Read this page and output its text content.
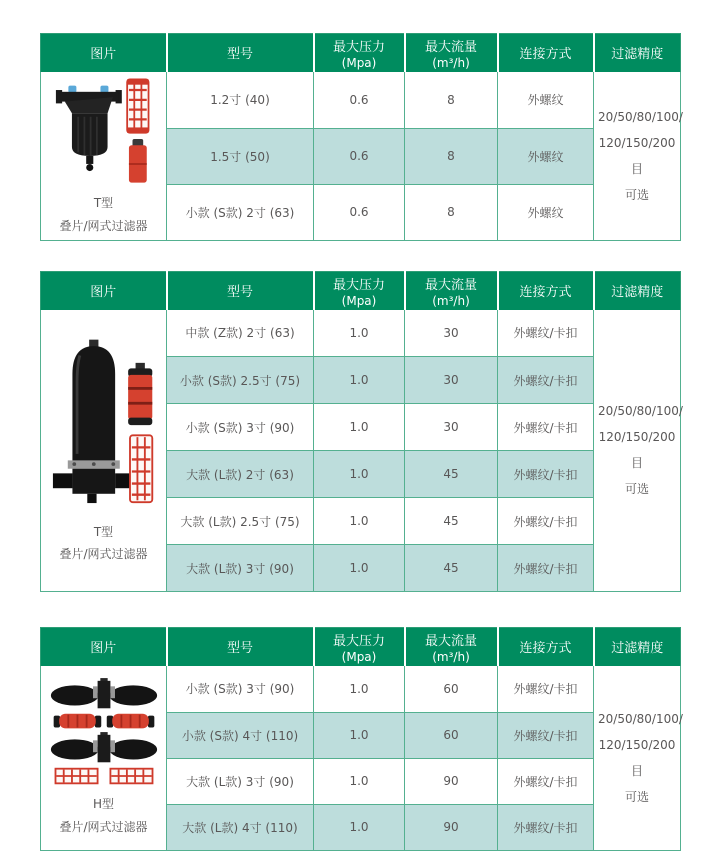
图片	型号	最大压力
(Mpa)	最大流量
(m³/h)	连接方式	过滤精度

T型
叠片/网式过滤器
	1.2寸 (40)	0.6	8	外螺纹	
20/50/80/100/
120/150/200目
可选

	1.5寸 (50)	0.6	8	外螺纹	
	小款 (S款) 2寸 (63)	0.6	8	外螺纹	
图片	型号	最大压力
(Mpa)	最大流量
(m³/h)	连接方式	过滤精度

T型
叠片/网式过滤器
	中款 (Z款) 2寸 (63)	1.0	30	外螺纹/卡扣	
20/50/80/100/
120/150/200目
可选

	小款 (S款) 2.5寸 (75)	1.0	30	外螺纹/卡扣	
	小款 (S款) 3寸 (90)	1.0	30	外螺纹/卡扣	
	大款 (L款) 2寸 (63)	1.0	45	外螺纹/卡扣	
	大款 (L款) 2.5寸 (75)	1.0	45	外螺纹/卡扣	
	大款 (L款) 3寸 (90)	1.0	45	外螺纹/卡扣	
图片	型号	最大压力
(Mpa)	最大流量
(m³/h)	连接方式	过滤精度

H型
叠片/网式过滤器
	小款 (S款) 3寸 (90)	1.0	60	外螺纹/卡扣	
20/50/80/100/
120/150/200目
可选

	小款 (S款) 4寸 (110)	1.0	60	外螺纹/卡扣	
	大款 (L款) 3寸 (90)	1.0	90	外螺纹/卡扣	
	大款 (L款) 4寸 (110)	1.0	90	外螺纹/卡扣	
